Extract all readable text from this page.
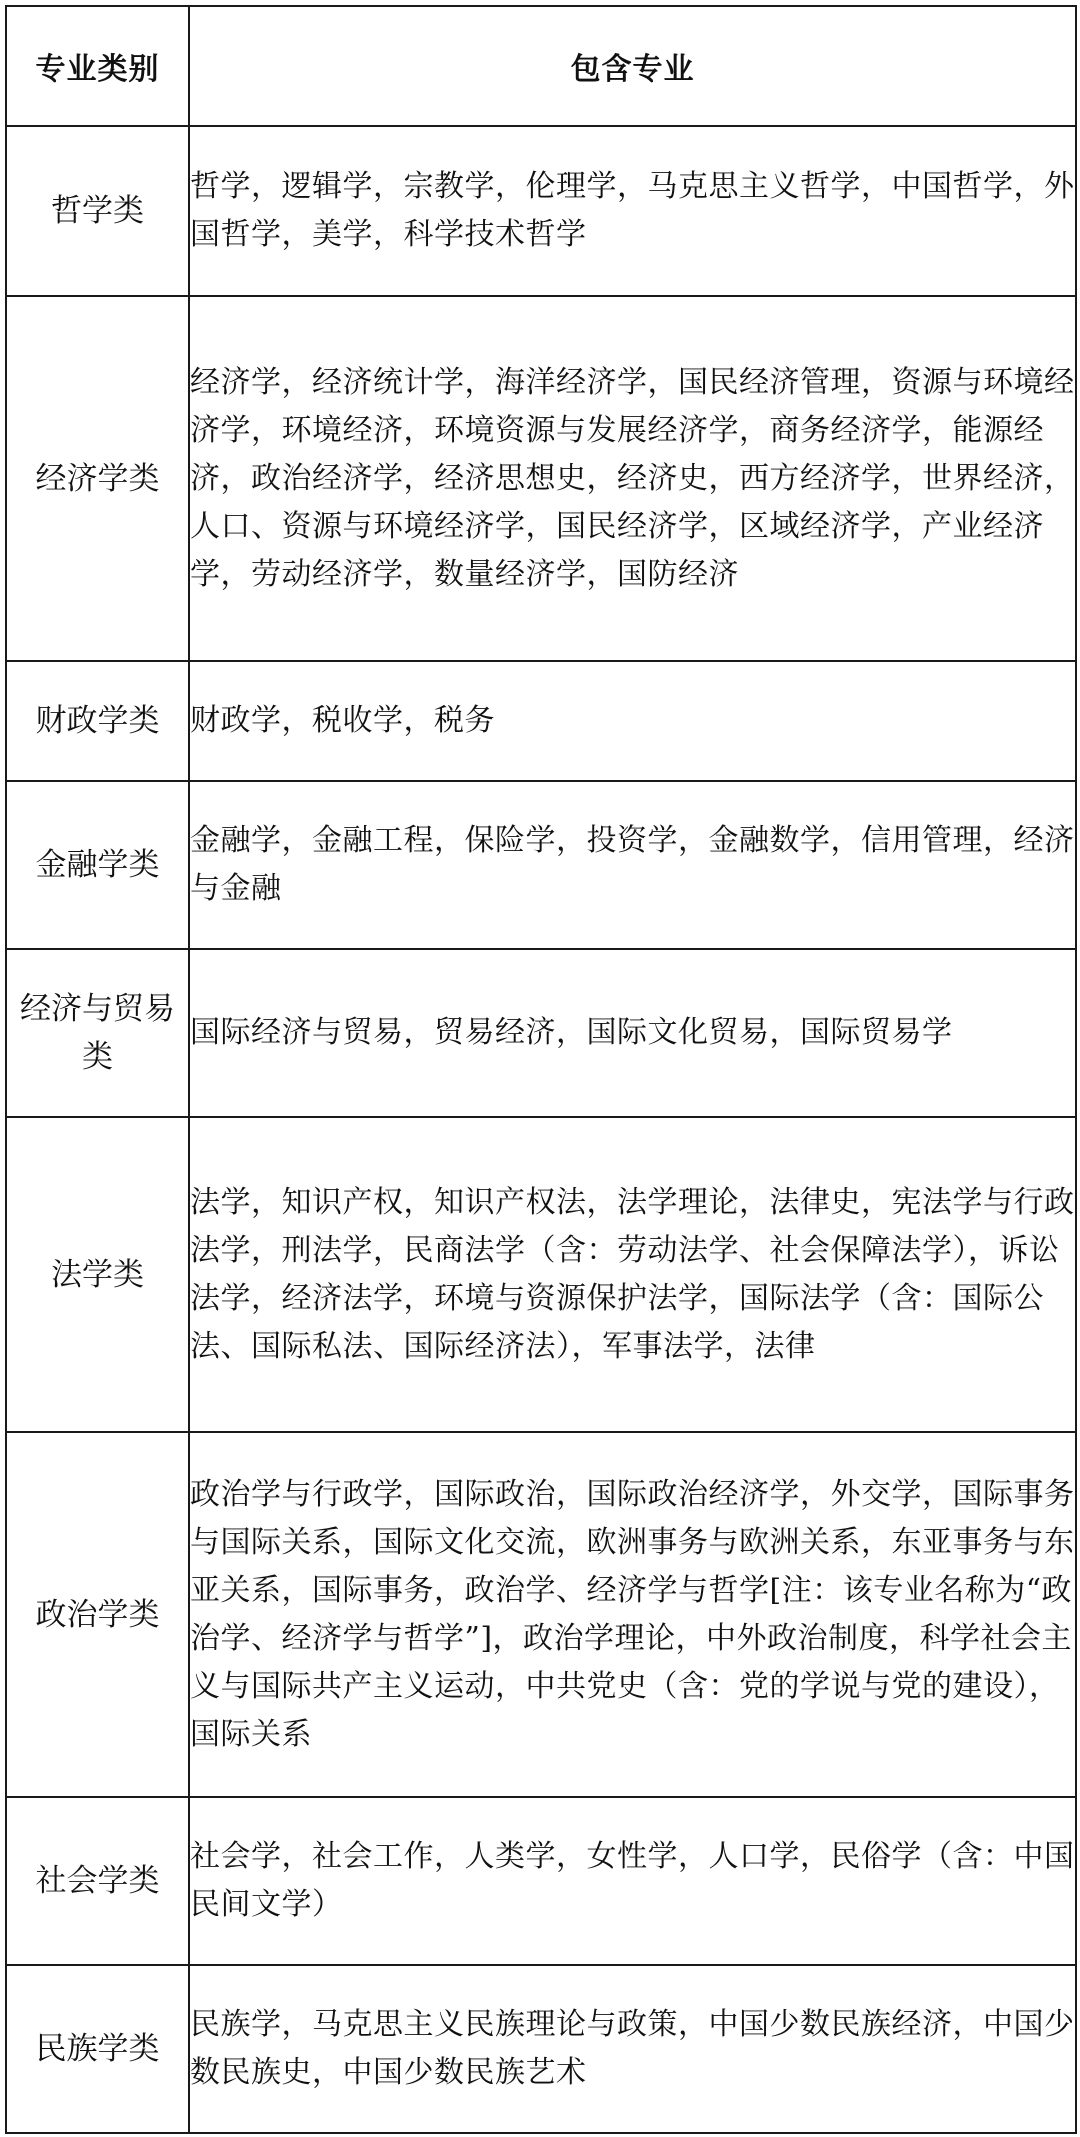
专业类别	包含专业
哲学类	哲学，逻辑学，宗教学，伦理学，马克思主义哲学，中国哲学，外国哲学，美学，科学技术哲学
经济学类	经济学，经济统计学，海洋经济学，国民经济管理，资源与环境经济学，环境经济，环境资源与发展经济学，商务经济学，能源经济，政治经济学，经济思想史，经济史，西方经济学，世界经济，人口、资源与环境经济学，国民经济学，区域经济学，产业经济学，劳动经济学，数量经济学，国防经济
财政学类	财政学，税收学，税务
金融学类	金融学，金融工程，保险学，投资学，金融数学，信用管理，经济与金融
经济与贸易类	国际经济与贸易，贸易经济，国际文化贸易，国际贸易学
法学类	法学，知识产权，知识产权法，法学理论，法律史，宪法学与行政法学，刑法学，民商法学（含：劳动法学、社会保障法学），诉讼法学，经济法学，环境与资源保护法学，国际法学（含：国际公法、国际私法、国际经济法），军事法学，法律
政治学类	政治学与行政学，国际政治，国际政治经济学，外交学，国际事务与国际关系，国际文化交流，欧洲事务与欧洲关系，东亚事务与东亚关系，国际事务，政治学、经济学与哲学[注：该专业名称为“政治学、经济学与哲学”]，政治学理论，中外政治制度，科学社会主义与国际共产主义运动，中共党史（含：党的学说与党的建设），国际关系
社会学类	社会学，社会工作，人类学，女性学，人口学，民俗学（含：中国民间文学）
民族学类	民族学，马克思主义民族理论与政策，中国少数民族经济，中国少数民族史，中国少数民族艺术
